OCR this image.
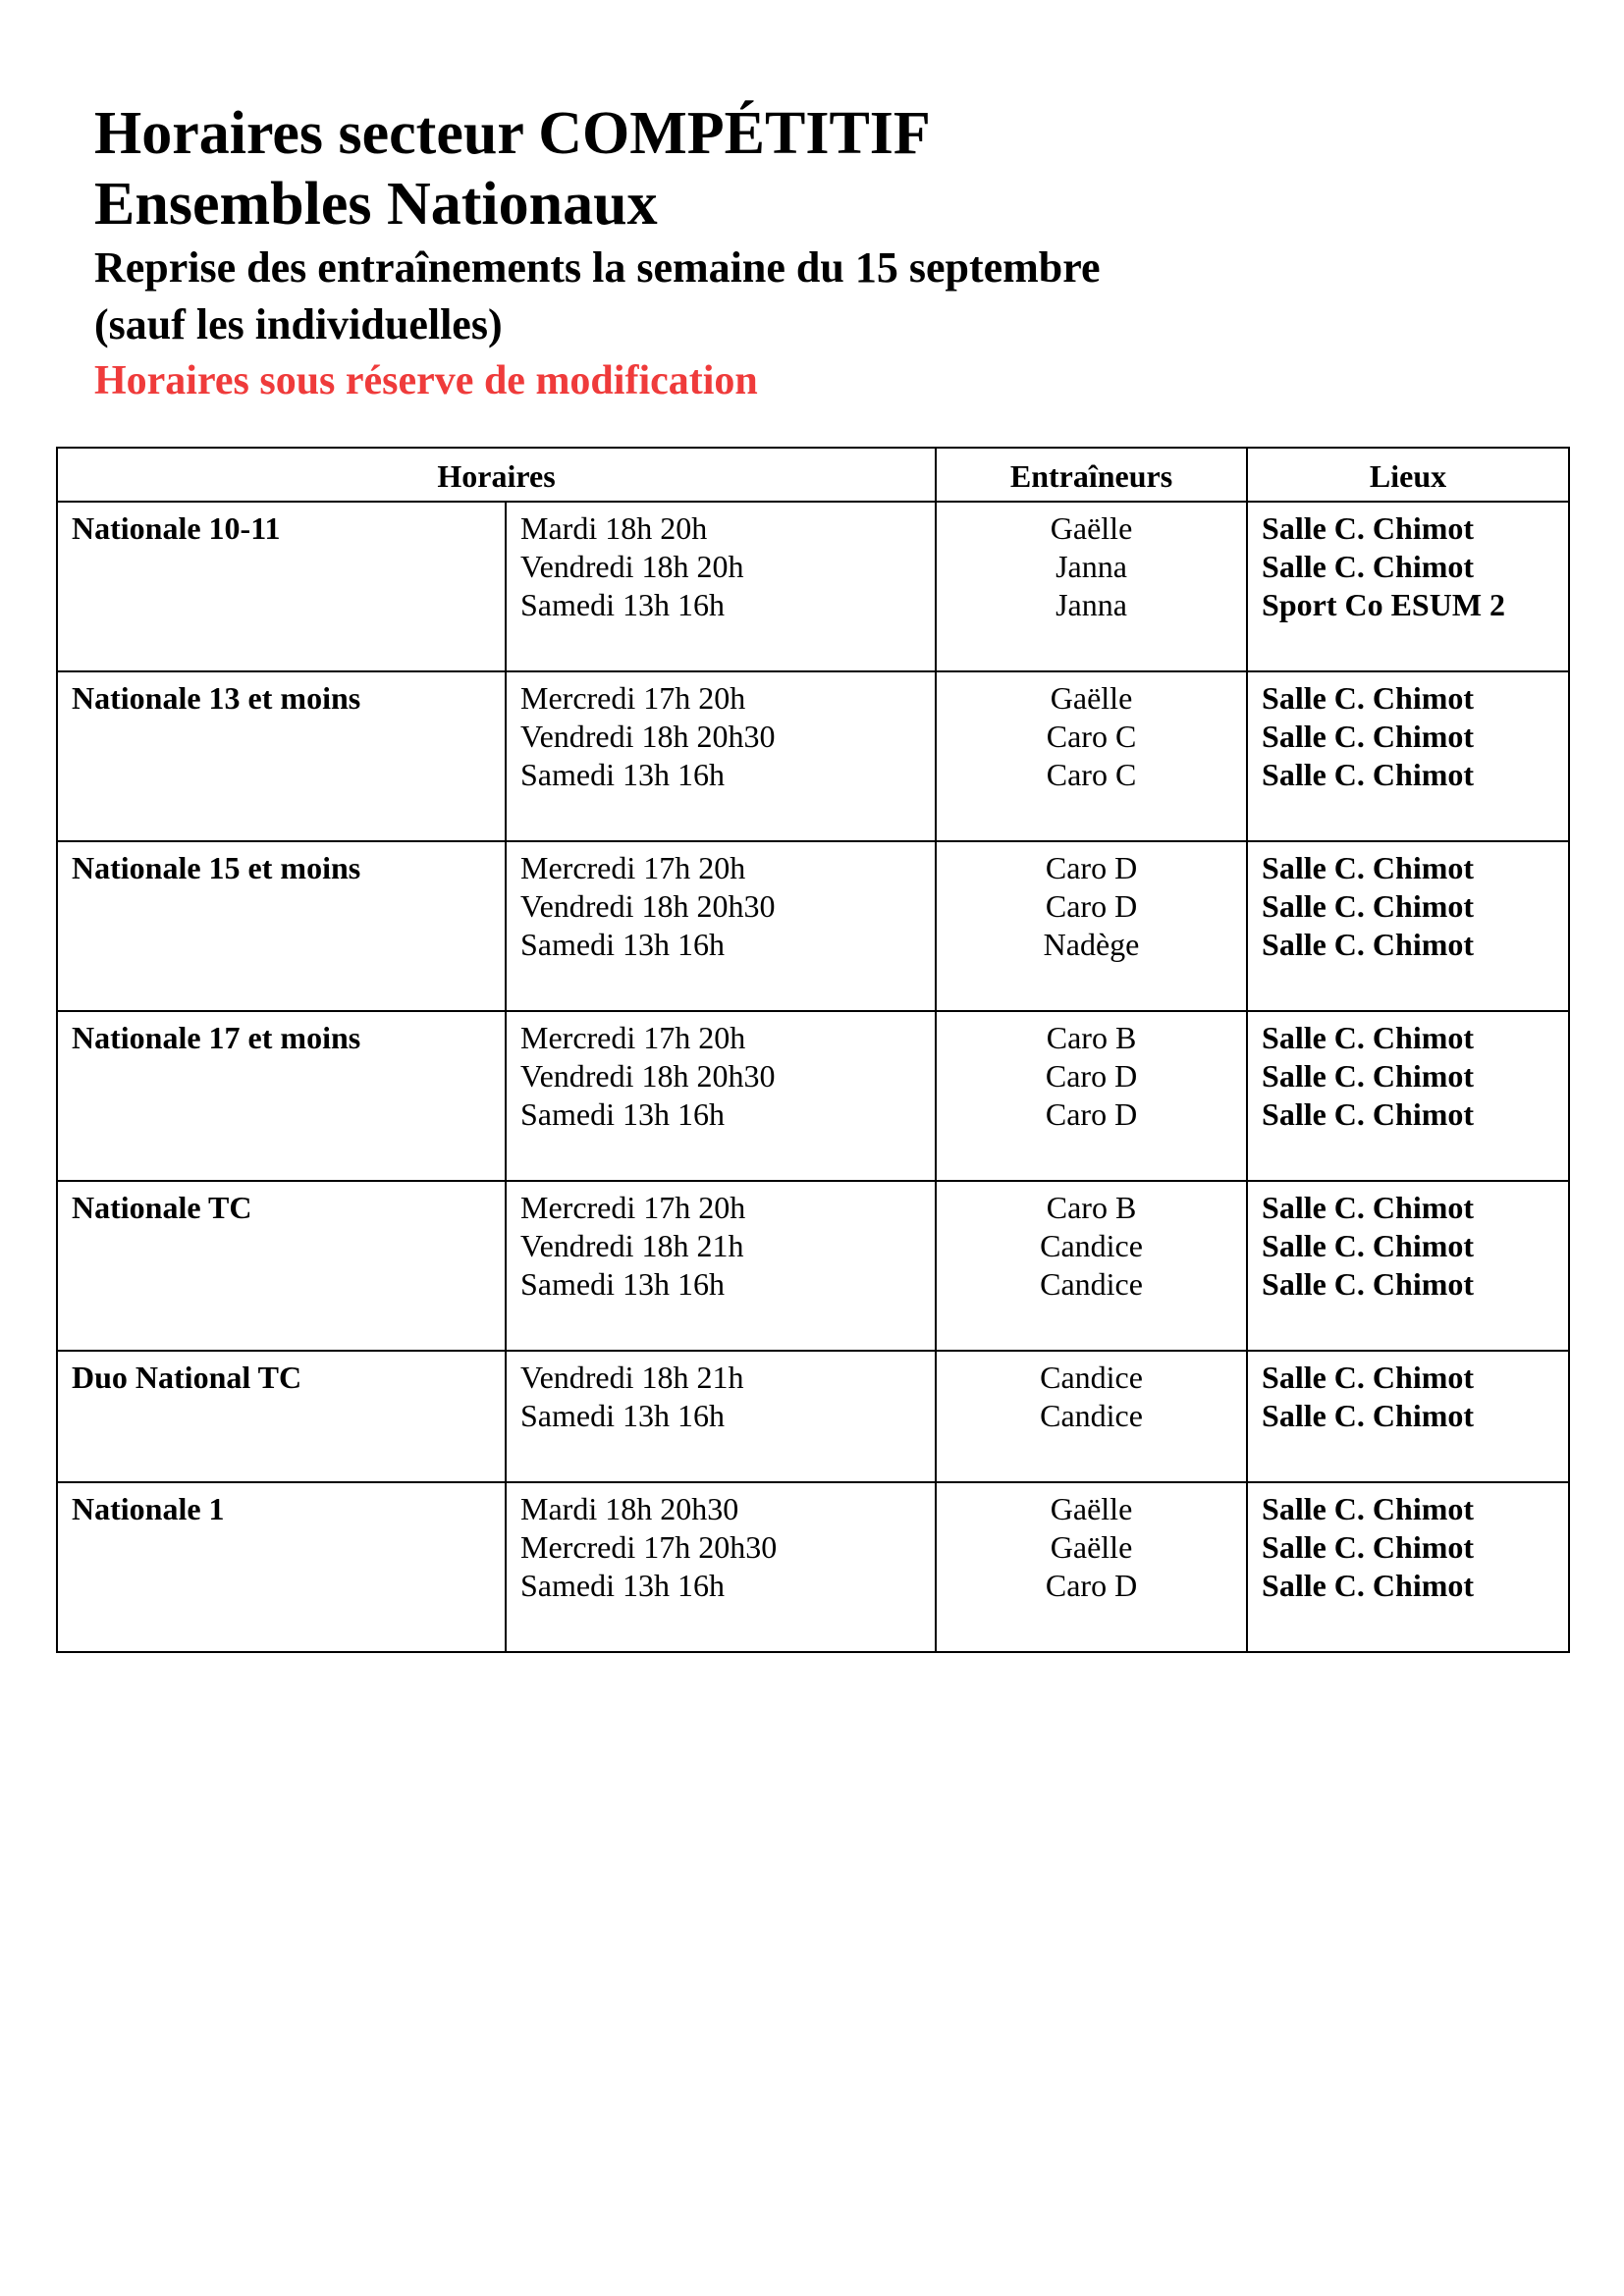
Horaires secteur COMPÉTITIF

Ensembles Nationaux

Reprise des entraînements la semaine du 15 septembre

(sauf les individuelles)

Horaires sous réserve de modification

Horaires		Entraîneurs	Lieux
Nationale 10-11	Mardi 18h 20h
Vendredi 18h 20h
Samedi 13h 16h	Gaëlle
Janna
Janna	Salle C. Chimot
Salle C. Chimot
Sport Co ESUM 2

Nationale 13 et moins	Mercredi 17h 20h
Vendredi 18h 20h30
Samedi 13h 16h	Gaëlle
Caro C
Caro C	Salle C. Chimot
Salle C. Chimot
Salle C. Chimot

Nationale 15 et moins	Mercredi 17h 20h
Vendredi 18h 20h30
Samedi 13h 16h	Caro D
Caro D
Nadège	Salle C. Chimot
Salle C. Chimot
Salle C. Chimot

Nationale 17 et moins	Mercredi 17h 20h
Vendredi 18h 20h30
Samedi 13h 16h	Caro B
Caro D
Caro D	Salle C. Chimot
Salle C. Chimot
Salle C. Chimot

Nationale TC	Mercredi 17h 20h
Vendredi 18h 21h
Samedi 13h 16h	Caro B
Candice
Candice	Salle C. Chimot
Salle C. Chimot
Salle C. Chimot

Duo National TC	Vendredi 18h 21h
Samedi 13h 16h	Candice
Candice	Salle C. Chimot
Salle C. Chimot

Nationale 1	Mardi 18h 20h30
Mercredi 17h 20h30
Samedi 13h 16h	Gaëlle
Gaëlle
Caro D	Salle C. Chimot
Salle C. Chimot
Salle C. Chimot
